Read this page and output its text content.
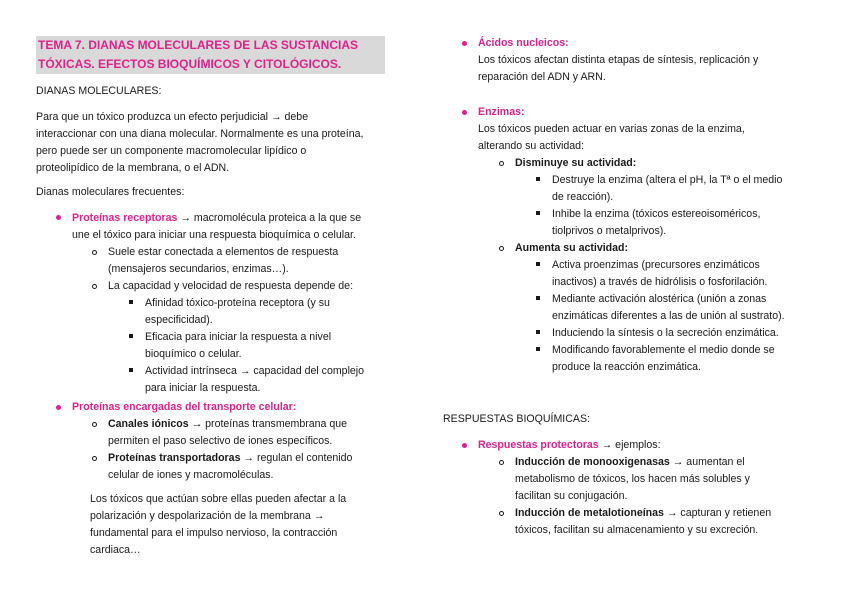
TEMA 7. DIANAS MOLECULARES DE LAS SUSTANCIAS
TÓXICAS. EFECTOS BIOQUÍMICOS Y CITOLÓGICOS.

DIANAS MOLECULARES:

Para que un tóxico produzca un efecto perjudicial → debe

interaccionar con una diana molecular. Normalmente es una proteína,

pero puede ser un componente macromolecular lipídico o

proteolipídico de la membrana, o el ADN.

Dianas moleculares frecuentes:

Proteínas receptoras → macromolécula proteica a la que se

une el tóxico para iniciar una respuesta bioquímica o celular.

Suele estar conectada a elementos de respuesta

(mensajeros secundarios, enzimas…).

La capacidad y velocidad de respuesta depende de:

Afinidad tóxico-proteína receptora (y su

especificidad).

Eficacia para iniciar la respuesta a nivel

bioquímico o celular.

Actividad intrínseca → capacidad del complejo

para iniciar la respuesta.

Proteínas encargadas del transporte celular:

Canales iónicos → proteínas transmembrana que

permiten el paso selectivo de iones específicos.

Proteínas transportadoras → regulan el contenido

celular de iones y macromoléculas.

Los tóxicos que actúan sobre ellas pueden afectar a la

polarización y despolarización de la membrana →

fundamental para el impulso nervioso, la contracción

cardiaca…

Ácidos nucleicos:

Los tóxicos afectan distinta etapas de síntesis, replicación y

reparación del ADN y ARN.

Enzimas:

Los tóxicos pueden actuar en varias zonas de la enzima,

alterando su actividad:

Disminuye su actividad:

Destruye la enzima (altera el pH, la Tª o el medio

de reacción).

Inhibe la enzima (tóxicos estereoisoméricos,

tiolprivos o metalprivos).

Aumenta su actividad:

Activa proenzimas (precursores enzimáticos

inactivos) a través de hidrólisis o fosforilación.

Mediante activación alostérica (unión a zonas

enzimáticas diferentes a las de unión al sustrato).

Induciendo la síntesis o la secreción enzimática.

Modificando favorablemente el medio donde se

produce la reacción enzimática.

RESPUESTAS BIOQUÍMICAS:

Respuestas protectoras → ejemplos:

Inducción de monooxigenasas → aumentan el

metabolismo de tóxicos, los hacen más solubles y

facilitan su conjugación.

Inducción de metalotioneínas → capturan y retienen

tóxicos, facilitan su almacenamiento y su excreción.
